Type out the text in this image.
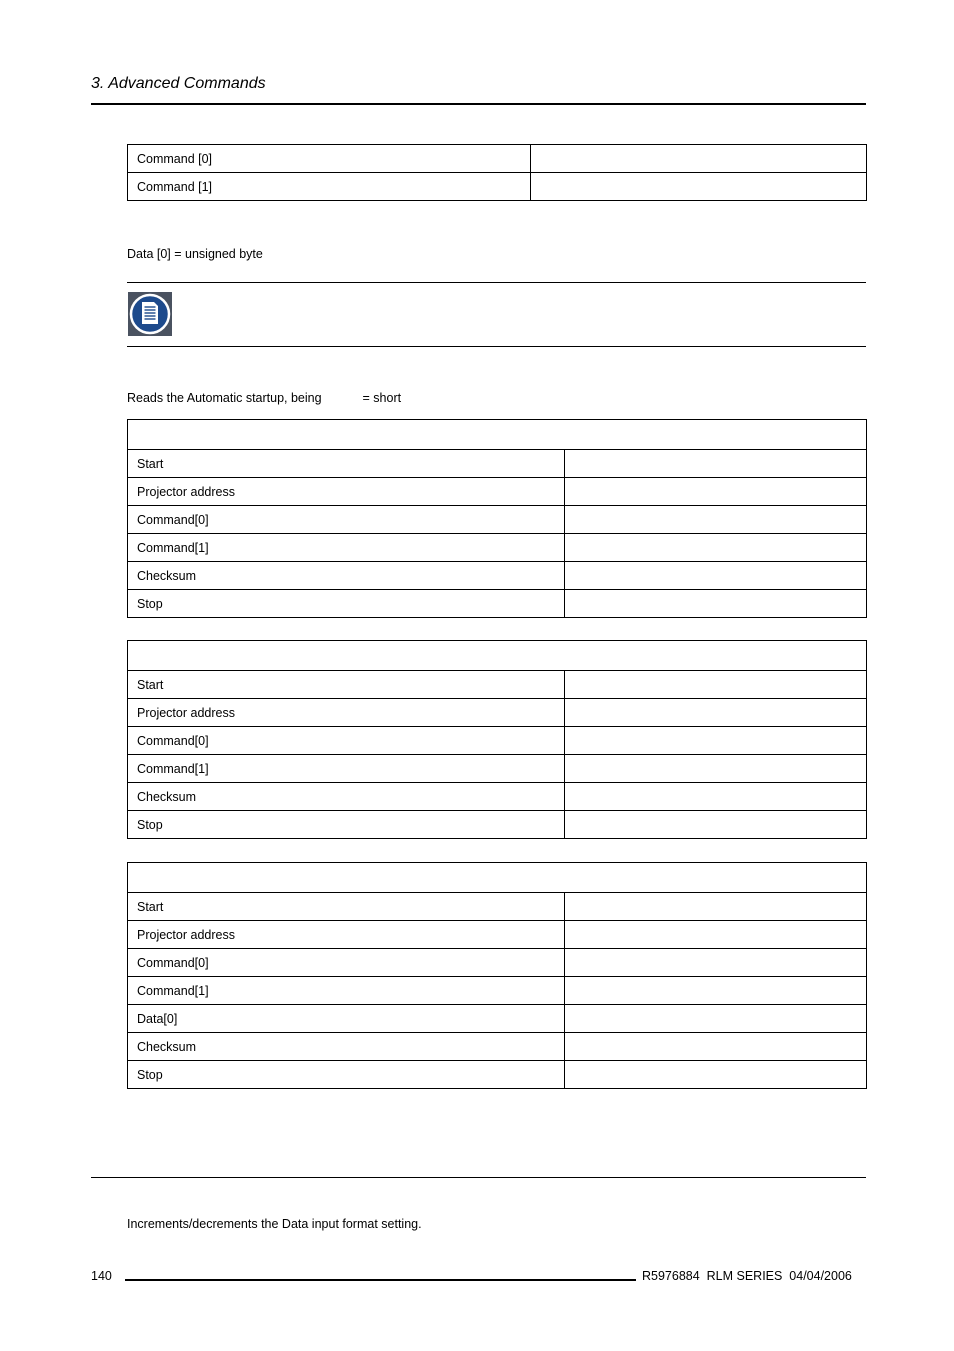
3. Advanced Commands
Command [0]	
Command [1]	
Data [0] = unsigned byte
Reads the Automatic startup, being	= short

Start	
Projector address	
Command[0]	
Command[1]	
Checksum	
Stop	

Start	
Projector address	
Command[0]	
Command[1]	
Checksum	
Stop	

Start	
Projector address	
Command[0]	
Command[1]	
Data[0]	
Checksum	
Stop	
Increments/decrements the Data input format setting.
140	R5976884  RLM SERIES  04/04/2006
